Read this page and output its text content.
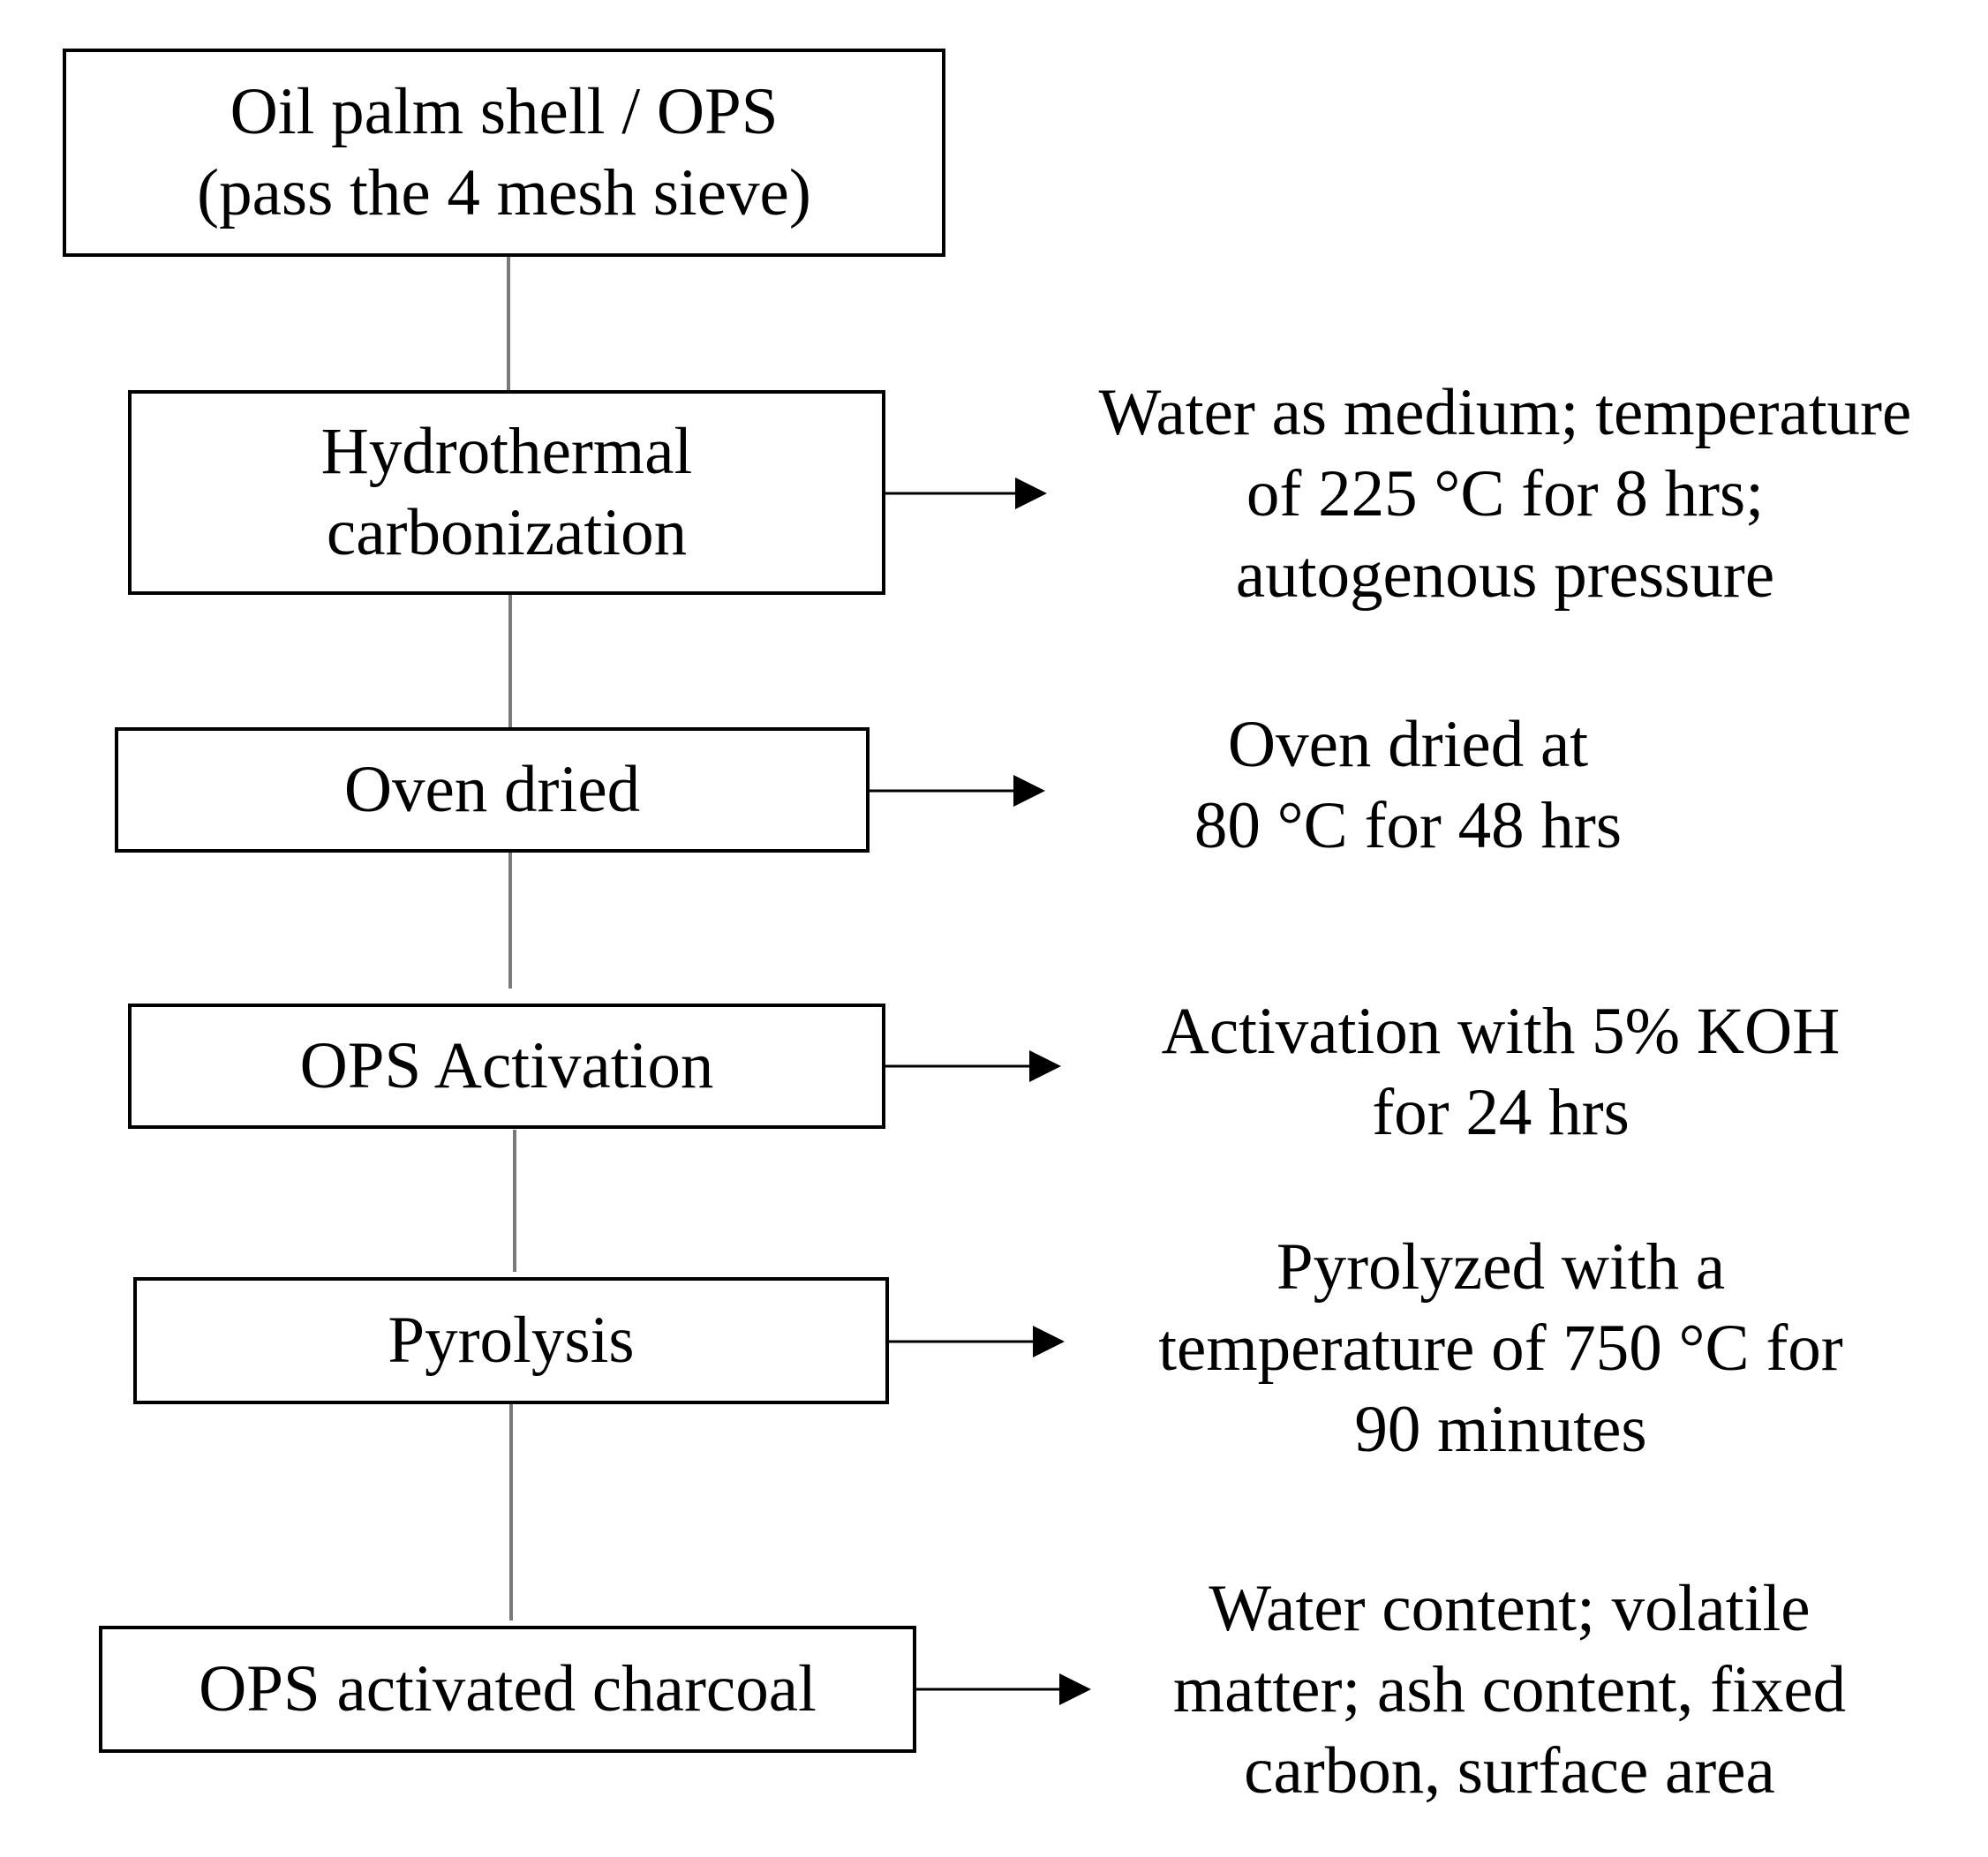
Oil palm shell / OPS
(pass the 4 mesh sieve)
Hydrothermal
carbonization
Oven dried
OPS Activation
Pyrolysis
OPS activated charcoal
Water as medium; temperature
of 225 °C for 8 hrs;
autogenous pressure
Oven dried at
80 °C for 48 hrs
Activation with 5% KOH
for 24 hrs
Pyrolyzed with a
temperature of 750 °C for
90 minutes
Water content; volatile
matter; ash content, fixed
carbon, surface area
